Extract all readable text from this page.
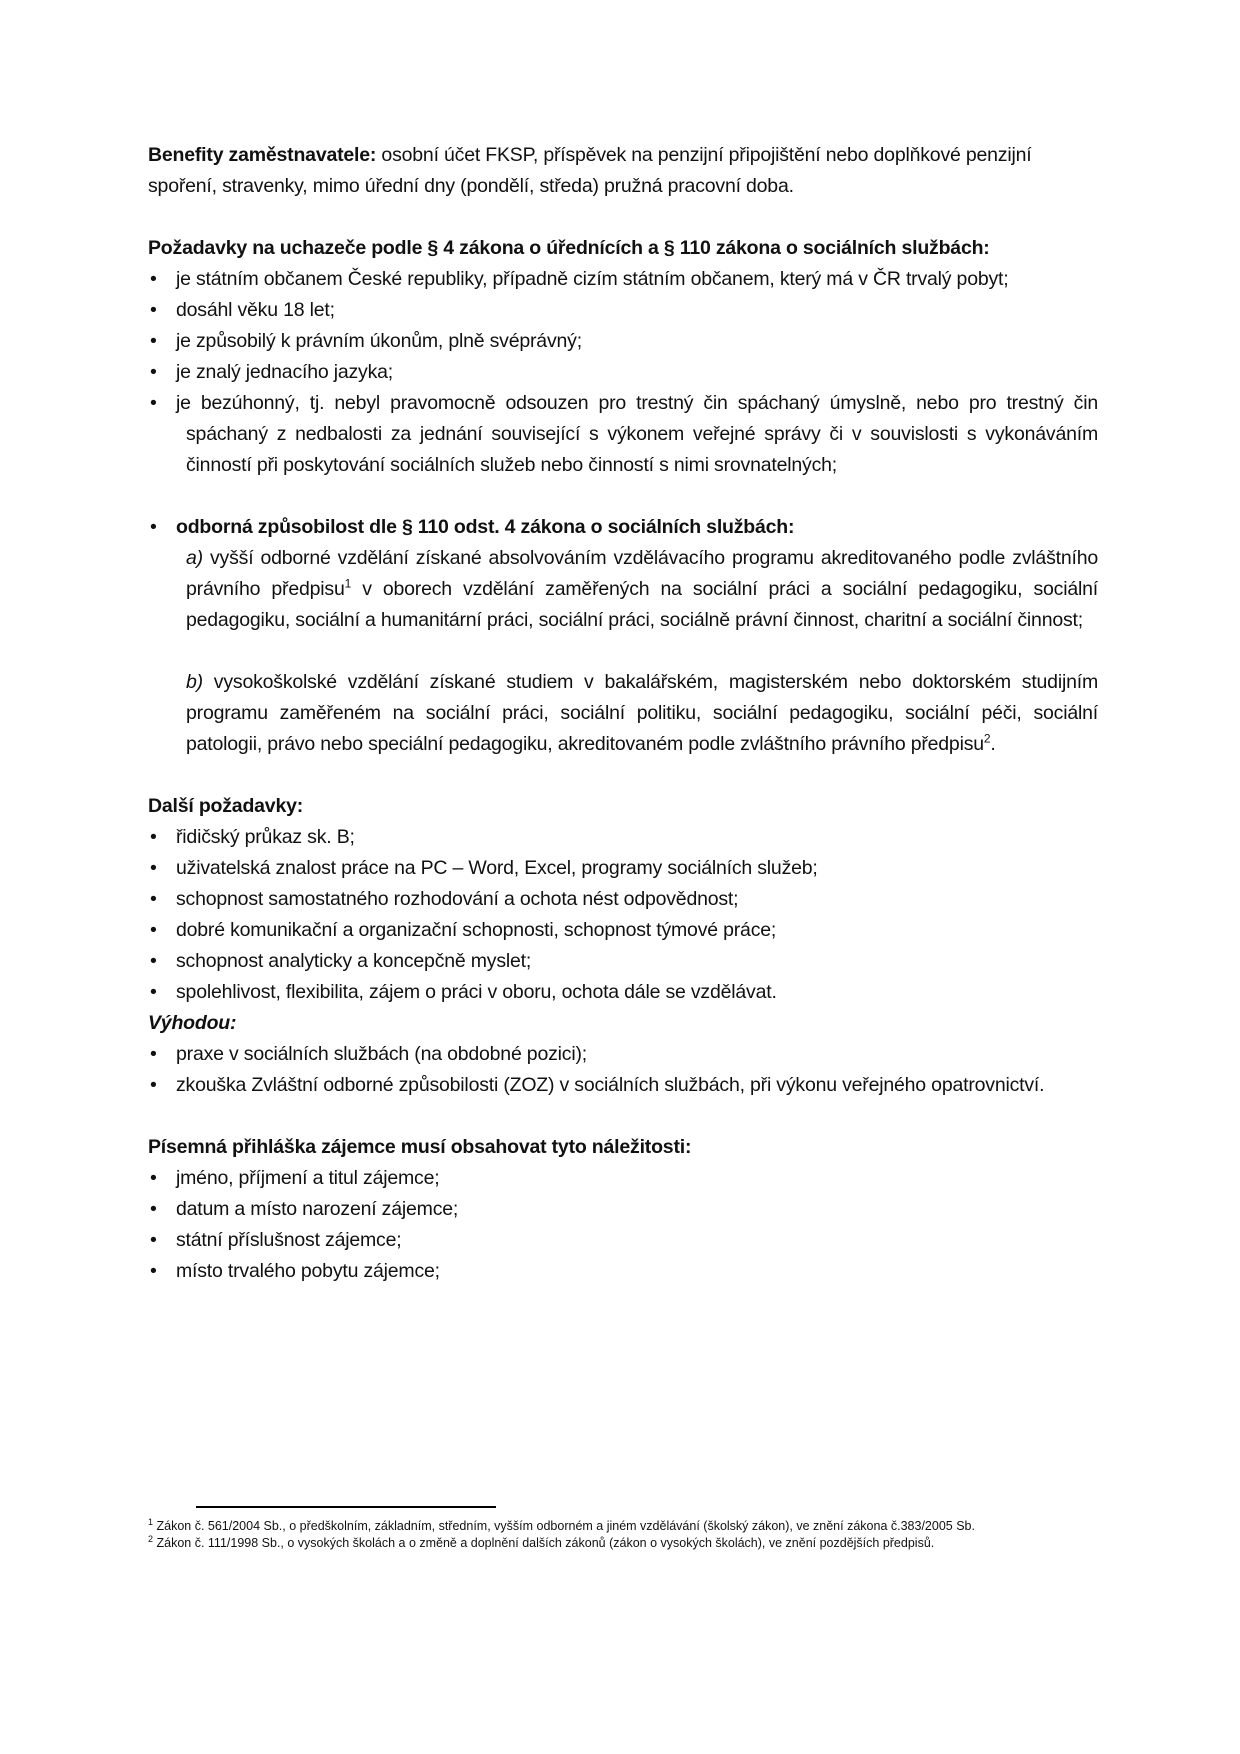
Benefity zaměstnavatele: osobní účet FKSP, příspěvek na penzijní připojištění nebo doplňkové penzijní spoření, stravenky, mimo úřední dny (pondělí, středa) pružná pracovní doba.

Požadavky na uchazeče podle § 4 zákona o úřednících a § 110 zákona o sociálních službách:

• je státním občanem České republiky, případně cizím státním občanem, který má v ČR trvalý pobyt;
• dosáhl věku 18 let;
• je způsobilý k právním úkonům, plně svéprávný;
• je znalý jednacího jazyka;
• je bezúhonný, tj. nebyl pravomocně odsouzen pro trestný čin spáchaný úmyslně, nebo pro trestný čin spáchaný z nedbalosti za jednání související s výkonem veřejné správy či v souvislosti s vykonáváním činností při poskytování sociálních služeb nebo činností s nimi srovnatelných;
• odborná způsobilost dle § 110 odst. 4 zákona o sociálních službách:

a) vyšší odborné vzdělání získané absolvováním vzdělávacího programu akreditovaného podle zvláštního právního předpisu$^1$ v oborech vzdělání zaměřených na sociální práci a sociální pedagogiku, sociální pedagogiku, sociální a humanitární práci, sociální práci, sociálně právní činnost, charitní a sociální činnost;

b) vysokoškolské vzdělání získané studiem v bakalářském, magisterském nebo doktorském studijním programu zaměřeném na sociální práci, sociální politiku, sociální pedagogiku, sociální péči, sociální patologii, právo nebo speciální pedagogiku, akreditovaném podle zvláštního právního předpisu$^2$.

Další požadavky:

• řidičský průkaz sk. B;
• uživatelská znalost práce na PC – Word, Excel, programy sociálních služeb;
• schopnost samostatného rozhodování a ochota nést odpovědnost;
• dobré komunikační a organizační schopnosti, schopnost týmové práce;
• schopnost analyticky a koncepčně myslet;
• spolehlivost, flexibilita, zájem o práci v oboru, ochota dále se vzdělávat.

Výhodou:

• praxe v sociálních službách (na obdobné pozici);
• zkouška Zvláštní odborné způsobilosti (ZOZ) v sociálních službách, při výkonu veřejného opatrovnictví.

Písemná přihláška zájemce musí obsahovat tyto náležitosti:

• jméno, příjmení a titul zájemce;
• datum a místo narození zájemce;
• státní příslušnost zájemce;
• místo trvalého pobytu zájemce;

$^1$ Zákon č. 561/2004 Sb., o předškolním, základním, středním, vyšším odborném a jiném vzdělávání (školský zákon), ve znění zákona č.383/2005 Sb.

$^2$ Zákon č. 111/1998 Sb., o vysokých školách a o změně a doplnění dalších zákonů (zákon o vysokých školách), ve znění pozdějších předpisů.
